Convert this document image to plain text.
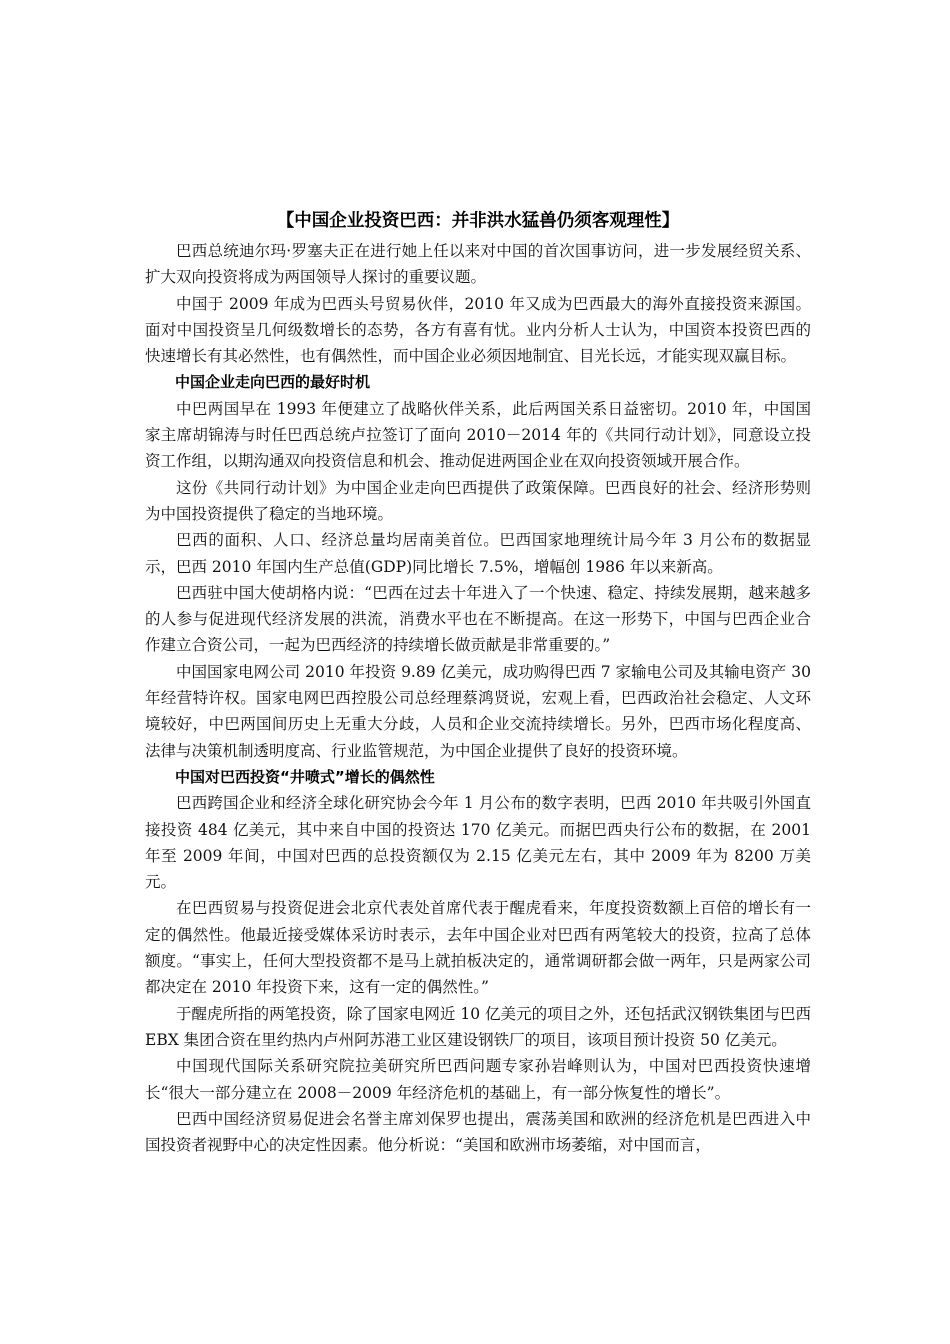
【中国企业投资巴西：并非洪水猛兽仍须客观理性】

巴西总统迪尔玛·罗塞夫正在进行她上任以来对中国的首次国事访问，进一步发展经贸关系、扩大双向投资将成为两国领导人探讨的重要议题。

中国于 2009 年成为巴西头号贸易伙伴，2010 年又成为巴西最大的海外直接投资来源国。面对中国投资呈几何级数增长的态势，各方有喜有忧。业内分析人士认为，中国资本投资巴西的快速增长有其必然性，也有偶然性，而中国企业必须因地制宜、目光长远，才能实现双赢目标。

中国企业走向巴西的最好时机

中巴两国早在 1993 年便建立了战略伙伴关系，此后两国关系日益密切。2010 年，中国国家主席胡锦涛与时任巴西总统卢拉签订了面向 2010－2014 年的《共同行动计划》，同意设立投资工作组，以期沟通双向投资信息和机会、推动促进两国企业在双向投资领域开展合作。

这份《共同行动计划》为中国企业走向巴西提供了政策保障。巴西良好的社会、经济形势则为中国投资提供了稳定的当地环境。

巴西的面积、人口、经济总量均居南美首位。巴西国家地理统计局今年 3 月公布的数据显示，巴西 2010 年国内生产总值(GDP)同比增长 7.5%，增幅创 1986 年以来新高。

巴西驻中国大使胡格内说：“巴西在过去十年进入了一个快速、稳定、持续发展期，越来越多的人参与促进现代经济发展的洪流，消费水平也在不断提高。在这一形势下，中国与巴西企业合作建立合资公司，一起为巴西经济的持续增长做贡献是非常重要的。”

中国国家电网公司 2010 年投资 9.89 亿美元，成功购得巴西 7 家输电公司及其输电资产 30 年经营特许权。国家电网巴西控股公司总经理蔡鸿贤说，宏观上看，巴西政治社会稳定、人文环境较好，中巴两国间历史上无重大分歧，人员和企业交流持续增长。另外，巴西市场化程度高、法律与决策机制透明度高、行业监管规范，为中国企业提供了良好的投资环境。

中国对巴西投资“井喷式”增长的偶然性

巴西跨国企业和经济全球化研究协会今年 1 月公布的数字表明，巴西 2010 年共吸引外国直接投资 484 亿美元，其中来自中国的投资达 170 亿美元。而据巴西央行公布的数据，在 2001 年至 2009 年间，中国对巴西的总投资额仅为 2.15 亿美元左右，其中 2009 年为 8200 万美元。

在巴西贸易与投资促进会北京代表处首席代表于醒虎看来，年度投资数额上百倍的增长有一定的偶然性。他最近接受媒体采访时表示，去年中国企业对巴西有两笔较大的投资，拉高了总体额度。“事实上，任何大型投资都不是马上就拍板决定的，通常调研都会做一两年，只是两家公司都决定在 2010 年投资下来，这有一定的偶然性。”

于醒虎所指的两笔投资，除了国家电网近 10 亿美元的项目之外，还包括武汉钢铁集团与巴西 EBX 集团合资在里约热内卢州阿苏港工业区建设钢铁厂的项目，该项目预计投资 50 亿美元。

中国现代国际关系研究院拉美研究所巴西问题专家孙岩峰则认为，中国对巴西投资快速增长“很大一部分建立在 2008－2009 年经济危机的基础上，有一部分恢复性的增长”。

巴西中国经济贸易促进会名誉主席刘保罗也提出，震荡美国和欧洲的经济危机是巴西进入中国投资者视野中心的决定性因素。他分析说：“美国和欧洲市场萎缩，对中国而言，
